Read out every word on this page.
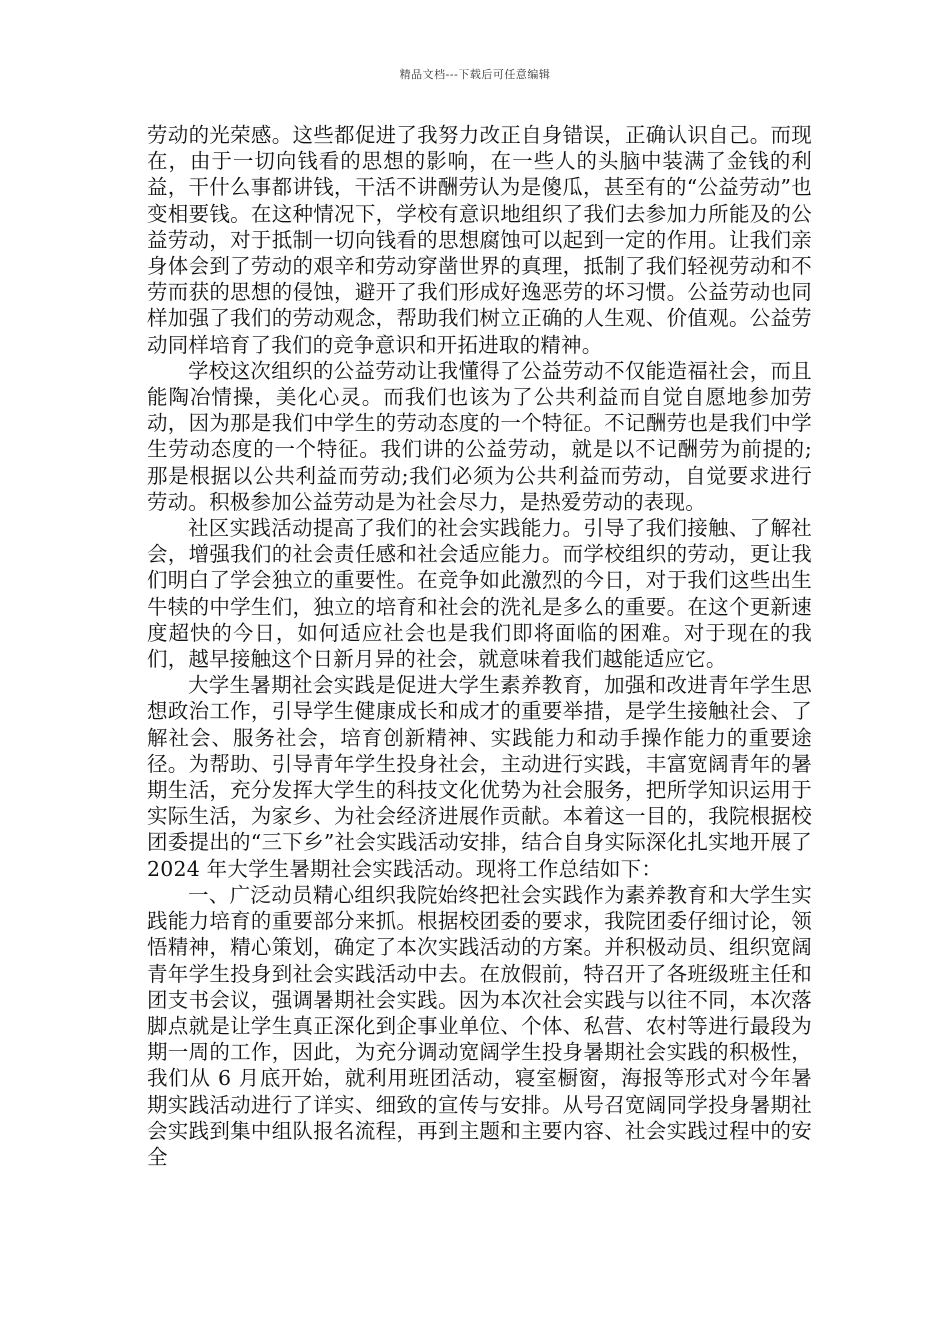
精品文档---下载后可任意编辑

劳动的光荣感。这些都促进了我努力改正自身错误，正确认识自己。而现在，由于一切向钱看的思想的影响，在一些人的头脑中装满了金钱的利益，干什么事都讲钱，干活不讲酬劳认为是傻瓜，甚至有的“公益劳动”也变相要钱。在这种情况下，学校有意识地组织了我们去参加力所能及的公益劳动，对于抵制一切向钱看的思想腐蚀可以起到一定的作用。让我们亲身体会到了劳动的艰辛和劳动穿凿世界的真理，抵制了我们轻视劳动和不劳而获的思想的侵蚀，避开了我们形成好逸恶劳的坏习惯。公益劳动也同样加强了我们的劳动观念，帮助我们树立正确的人生观、价值观。公益劳动同样培育了我们的竞争意识和开拓进取的精神。

学校这次组织的公益劳动让我懂得了公益劳动不仅能造福社会，而且能陶冶情操，美化心灵。而我们也该为了公共利益而自觉自愿地参加劳动，因为那是我们中学生的劳动态度的一个特征。不记酬劳也是我们中学生劳动态度的一个特征。我们讲的公益劳动，就是以不记酬劳为前提的;那是根据以公共利益而劳动;我们必须为公共利益而劳动，自觉要求进行劳动。积极参加公益劳动是为社会尽力，是热爱劳动的表现。

社区实践活动提高了我们的社会实践能力。引导了我们接触、了解社会，增强我们的社会责任感和社会适应能力。而学校组织的劳动，更让我们明白了学会独立的重要性。在竞争如此激烈的今日，对于我们这些出生牛犊的中学生们，独立的培育和社会的洗礼是多么的重要。在这个更新速度超快的今日，如何适应社会也是我们即将面临的困难。对于现在的我们，越早接触这个日新月异的社会，就意味着我们越能适应它。

大学生暑期社会实践是促进大学生素养教育，加强和改进青年学生思想政治工作，引导学生健康成长和成才的重要举措，是学生接触社会、了解社会、服务社会，培育创新精神、实践能力和动手操作能力的重要途径。为帮助、引导青年学生投身社会，主动进行实践，丰富宽阔青年的暑期生活，充分发挥大学生的科技文化优势为社会服务，把所学知识运用于实际生活，为家乡、为社会经济进展作贡献。本着这一目的，我院根据校团委提出的“三下乡”社会实践活动安排，结合自身实际深化扎实地开展了 2024 年大学生暑期社会实践活动。现将工作总结如下：

一、广泛动员精心组织我院始终把社会实践作为素养教育和大学生实践能力培育的重要部分来抓。根据校团委的要求，我院团委仔细讨论，领悟精神，精心策划，确定了本次实践活动的方案。并积极动员、组织宽阔青年学生投身到社会实践活动中去。在放假前，特召开了各班级班主任和团支书会议，强调暑期社会实践。因为本次社会实践与以往不同，本次落脚点就是让学生真正深化到企事业单位、个体、私营、农村等进行最段为期一周的工作，因此，为充分调动宽阔学生投身暑期社会实践的积极性，我们从 6 月底开始，就利用班团活动，寝室橱窗，海报等形式对今年暑期实践活动进行了详实、细致的宣传与安排。从号召宽阔同学投身暑期社会实践到集中组队报名流程，再到主题和主要内容、社会实践过程中的安全
